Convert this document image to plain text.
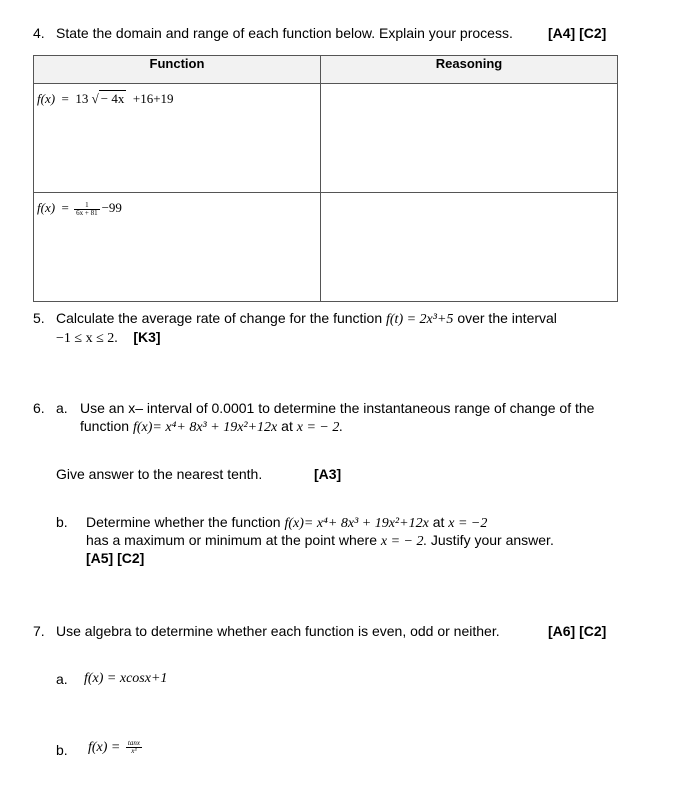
4. State the domain and range of each function below. Explain your process.	[A4] [C2]
Function	Reasoning

f(x) = 13 √ − 4x +16+19	

$f(x) = \frac{1}{6x + 81} -99$	

5. Calculate the average rate of change for the function f(t) = 2x³+5 over the interval
−1 ≤ x ≤ 2. [K3]
6. a. Use an x– interval of 0.0001 to determine the instantaneous range of change of the
function f(x)= x⁴+ 8x³ + 19x²+12x at x = − 2.
Give answer to the nearest tenth.	[A3]
b. Determine whether the function f(x)= x⁴+ 8x³ + 19x²+12x at x = −2
has a maximum or minimum at the point where x = − 2. Justify your answer.
[A5] [C2]
7. Use algebra to determine whether each function is even, odd or neither.	[A6] [C2]
a. f(x) = xcosx+1
b. $f(x) = \frac{\tan x}{\text{x³}}$
